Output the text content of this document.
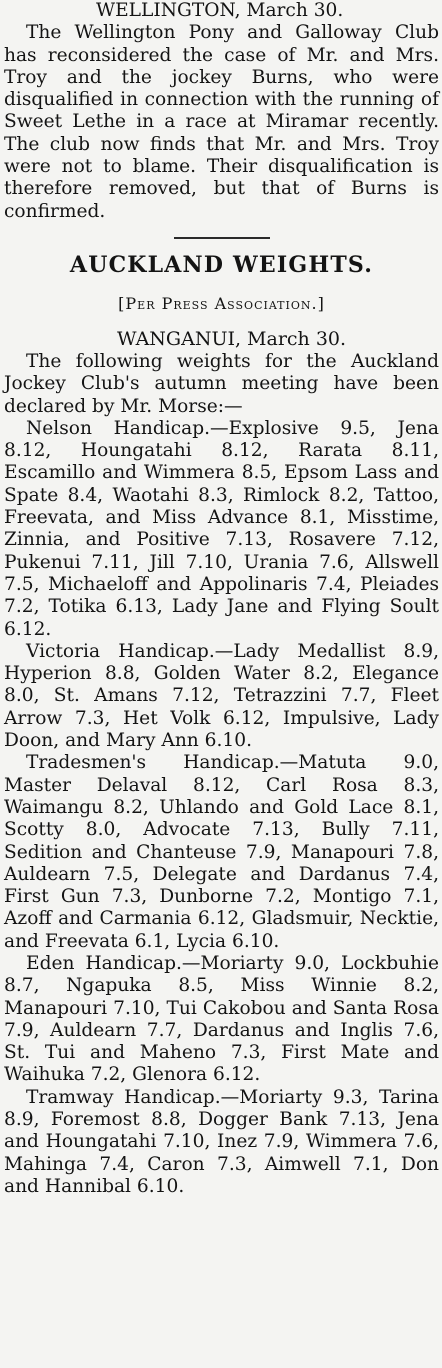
WELLINGTON, March 30.

The Wellington Pony and Galloway Club has reconsidered the case of Mr. and Mrs. Troy and the jockey Burns, who were disqualified in connection with the running of Sweet Lethe in a race at Miramar recently. The club now finds that Mr. and Mrs. Troy were not to blame. Their disqualification is therefore removed, but that of Burns is confirmed.

AUCKLAND WEIGHTS.

[Per Press Association.]

WANGANUI, March 30.

The following weights for the Auckland Jockey Club's autumn meeting have been declared by Mr. Morse:—

Nelson Handicap.—Explosive 9.5, Jena 8.12, Houngatahi 8.12, Rarata 8.11, Escamillo and Wimmera 8.5, Epsom Lass and Spate 8.4, Waotahi 8.3, Rimlock 8.2, Tattoo, Freevata, and Miss Advance 8.1, Misstime, Zinnia, and Positive 7.13, Rosavere 7.12, Pukenui 7.11, Jill 7.10, Urania 7.6, Allswell 7.5, Michaeloff and Appolinaris 7.4, Pleiades 7.2, Totika 6.13, Lady Jane and Flying Soult 6.12.

Victoria Handicap.—Lady Medallist 8.9, Hyperion 8.8, Golden Water 8.2, Elegance 8.0, St. Amans 7.12, Tetrazzini 7.7, Fleet Arrow 7.3, Het Volk 6.12, Impulsive, Lady Doon, and Mary Ann 6.10.

Tradesmen's Handicap.—Matuta 9.0, Master Delaval 8.12, Carl Rosa 8.3, Waimangu 8.2, Uhlando and Gold Lace 8.1, Scotty 8.0, Advocate 7.13, Bully 7.11, Sedition and Chanteuse 7.9, Manapouri 7.8, Auldearn 7.5, Delegate and Dardanus 7.4, First Gun 7.3, Dunborne 7.2, Montigo 7.1, Azoff and Carmania 6.12, Gladsmuir, Necktie, and Freevata 6.1, Lycia 6.10.

Eden Handicap.—Moriarty 9.0, Lockbuhie 8.7, Ngapuka 8.5, Miss Winnie 8.2, Manapouri 7.10, Tui Cakobou and Santa Rosa 7.9, Auldearn 7.7, Dardanus and Inglis 7.6, St. Tui and Maheno 7.3, First Mate and Waihuka 7.2, Glenora 6.12.

Tramway Handicap.—Moriarty 9.3, Tarina 8.9, Foremost 8.8, Dogger Bank 7.13, Jena and Houngatahi 7.10, Inez 7.9, Wimmera 7.6, Mahinga 7.4, Caron 7.3, Aimwell 7.1, Don and Hannibal 6.10.
